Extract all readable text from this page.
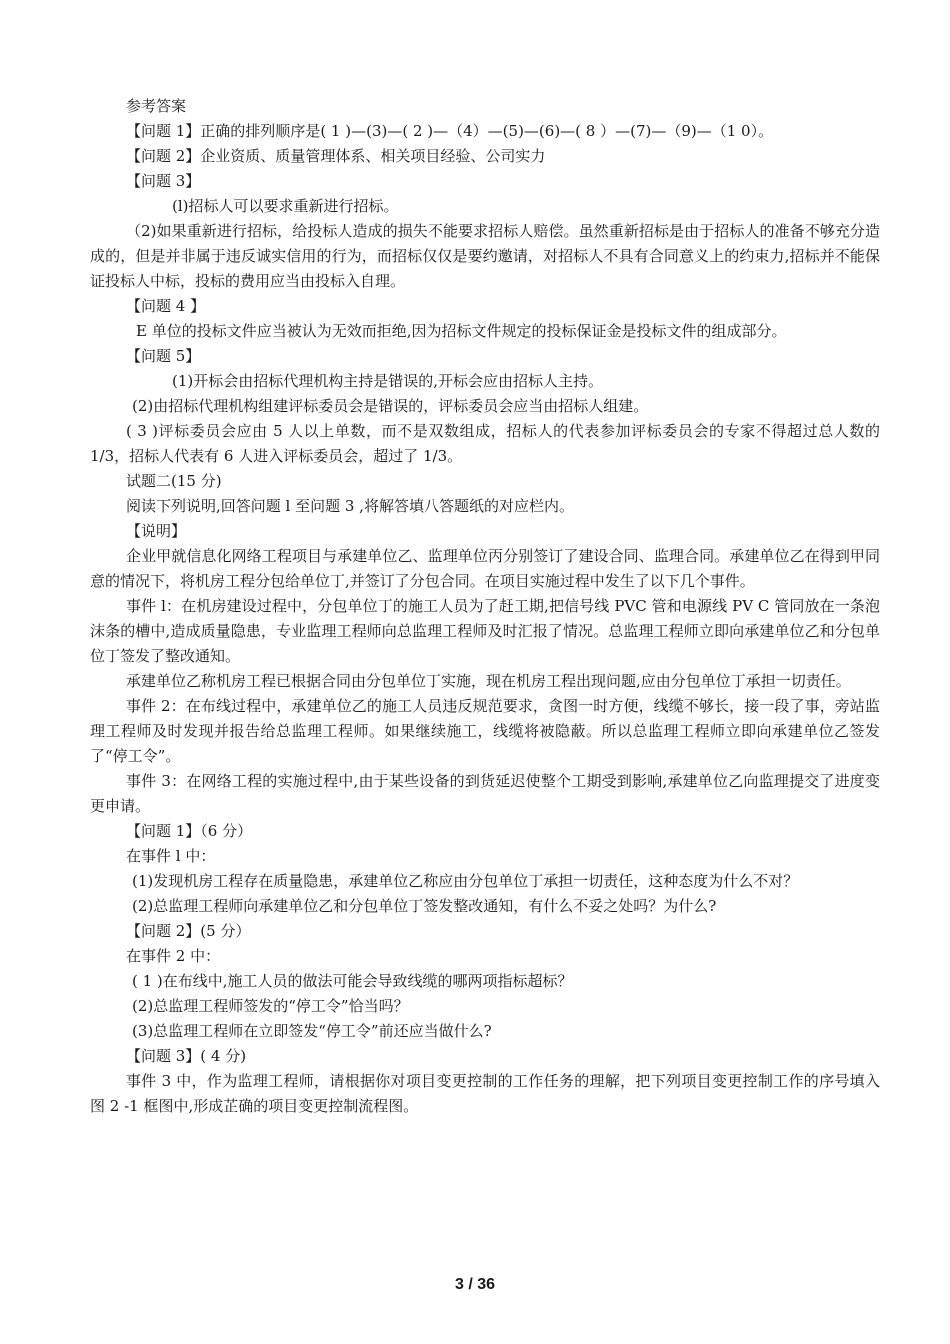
参考答案

【问题 1】正确的排列顺序是( 1 )—(3)—( 2 )—（4）—(5)—(6)—( 8 ）—(7)—（9)—（1 0）。

【问题 2】企业资质、质量管理体系、相关项目经验、公司实力

【问题 3】

(l)招标人可以要求重新进行招标。

（2)如果重新进行招标，给投标人造成的损失不能要求招标人赔偿。虽然重新招标是由于招标人的准备不够充分造成的，但是并非属于违反诚实信用的行为，而招标仅仅是要约邀请，对招标人不具有合同意义上的约束力,招标并不能保证投标人中标，投标的费用应当由投标入自理。

【问题 4 】

E 单位的投标文件应当被认为无效而拒绝,因为招标文件规定的投标保证金是投标文件的组成部分。

【问题 5】

(1)开标会由招标代理机构主持是错误的,开标会应由招标人主持。

(2)由招标代理机构组建评标委员会是错误的，评标委员会应当由招标人组建。

( 3 )评标委员会应由 5 人以上单数，而不是双数组成，招标人的代表参加评标委员会的专家不得超过总人数的 1/3，招标人代表有 6 人进入评标委员会，超过了 1/3。

试题二(15 分)

阅读下列说明,回答问题 l 至问题 3 ,将解答填八答题纸的对应栏内。

【说明】

企业甲就信息化网络工程项目与承建单位乙、监理单位丙分别签订了建设合同、监理合同。承建单位乙在得到甲同意的情况下，将机房工程分包给单位丁,并签订了分包合同。在项目实施过程中发生了以下几个事件。

事件 l：在机房建设过程中，分包单位丁的施工人员为了赶工期,把信号线 PVC 管和电源线 PV C 管同放在一条泡沫条的槽中,造成质量隐患，专业监理工程师向总监理工程师及时汇报了情况。总监理工程师立即向承建单位乙和分包单位丁签发了整改通知。

承建单位乙称机房工程已根据合同由分包单位丁实施，现在机房工程出现问题,应由分包单位丁承担一切责任。

事件 2：在布线过程中，承建单位乙的施工人员违反规范要求，贪图一时方便，线缆不够长，接一段了事，旁站监理工程师及时发现并报告给总监理工程师。如果继续施工，线缆将被隐蔽。所以总监理工程师立即向承建单位乙签发了“停工令”。

事件 3：在网络工程的实施过程中,由于某些设备的到货延迟使整个工期受到影响,承建单位乙向监理提交了进度变更申请。

【问题 1】（6 分）

在事件 l 中：

(1)发现机房工程存在质量隐患，承建单位乙称应由分包单位丁承担一切责任，这种态度为什么不对？

(2)总监理工程师向承建单位乙和分包单位丁签发整改通知，有什么不妥之处吗？为什么?

【问题 2】(5 分）

在事件 2 中：

( 1 )在布线中,施工人员的做法可能会导致线缆的哪两项指标超标？

(2)总监理工程师签发的“停工令”恰当吗？

(3)总监理工程师在立即签发“停工令”前还应当做什么?

【问题 3】( 4 分)

事件 3 中，作为监理工程师，请根据你对项目变更控制的工作任务的理解，把下列项目变更控制工作的序号填入图 2 -1 框图中,形成芷确的项目变更控制流程图。

3 / 36
